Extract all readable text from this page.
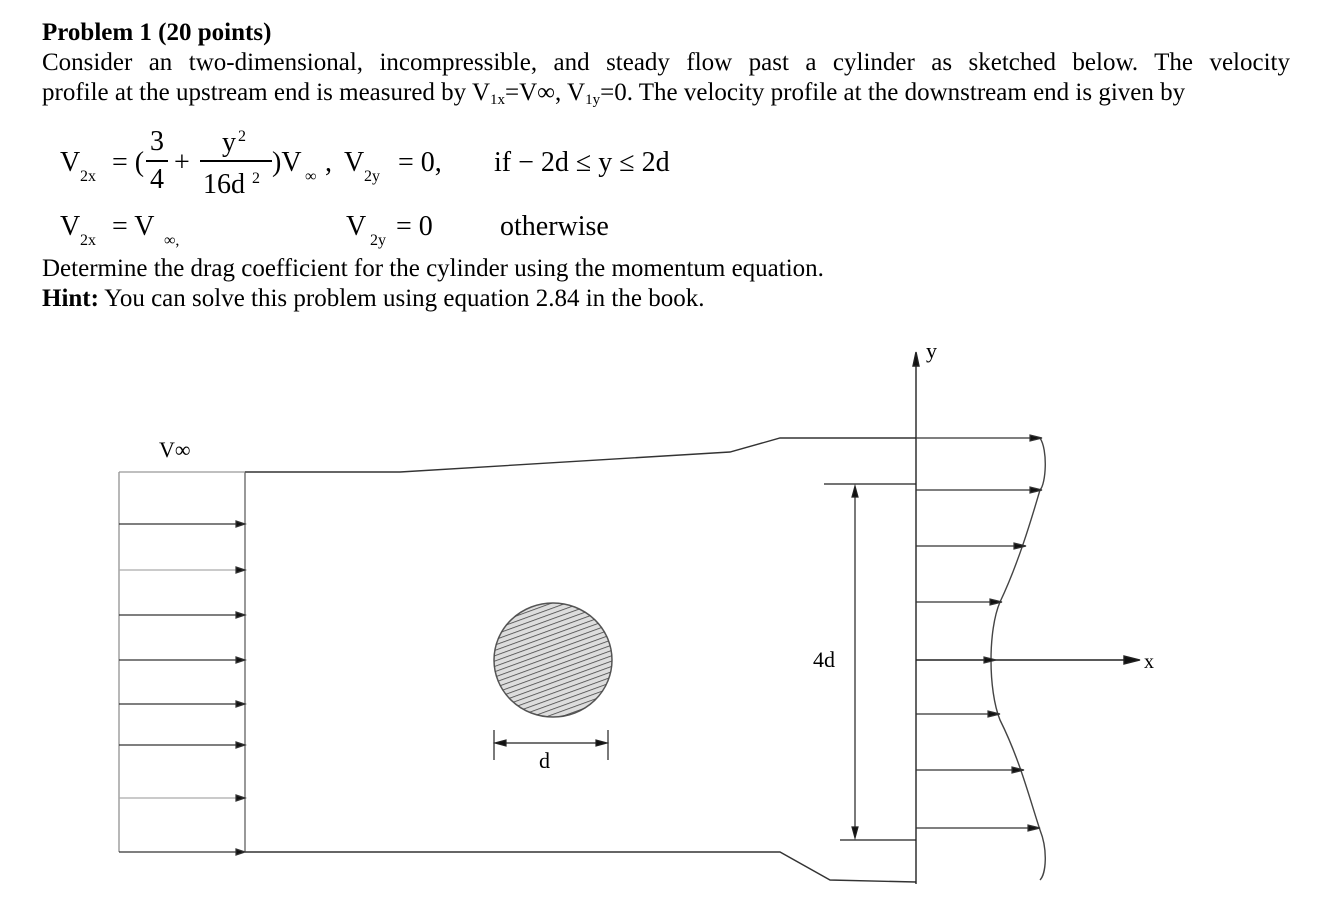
Problem 1 (20 points)
Consider an two-dimensional, incompressible, and steady flow past a cylinder as sketched below. The velocity
profile at the upstream end is measured by $V_{1x}=V\infty$, $V_{1y}=0$. The velocity profile at the downstream end is given by
V 2x = (
3
4
+
y 2
16d 2
)V ∞ , V 2y = 0, if − 2d ≤ y ≤ 2d
V 2x = V ∞,	V 2y = 0 otherwise
Determine the drag coefficient for the cylinder using the momentum equation.
Hint: You can solve this problem using equation 2.84 in the book.
V∞
d
4d
y
x
